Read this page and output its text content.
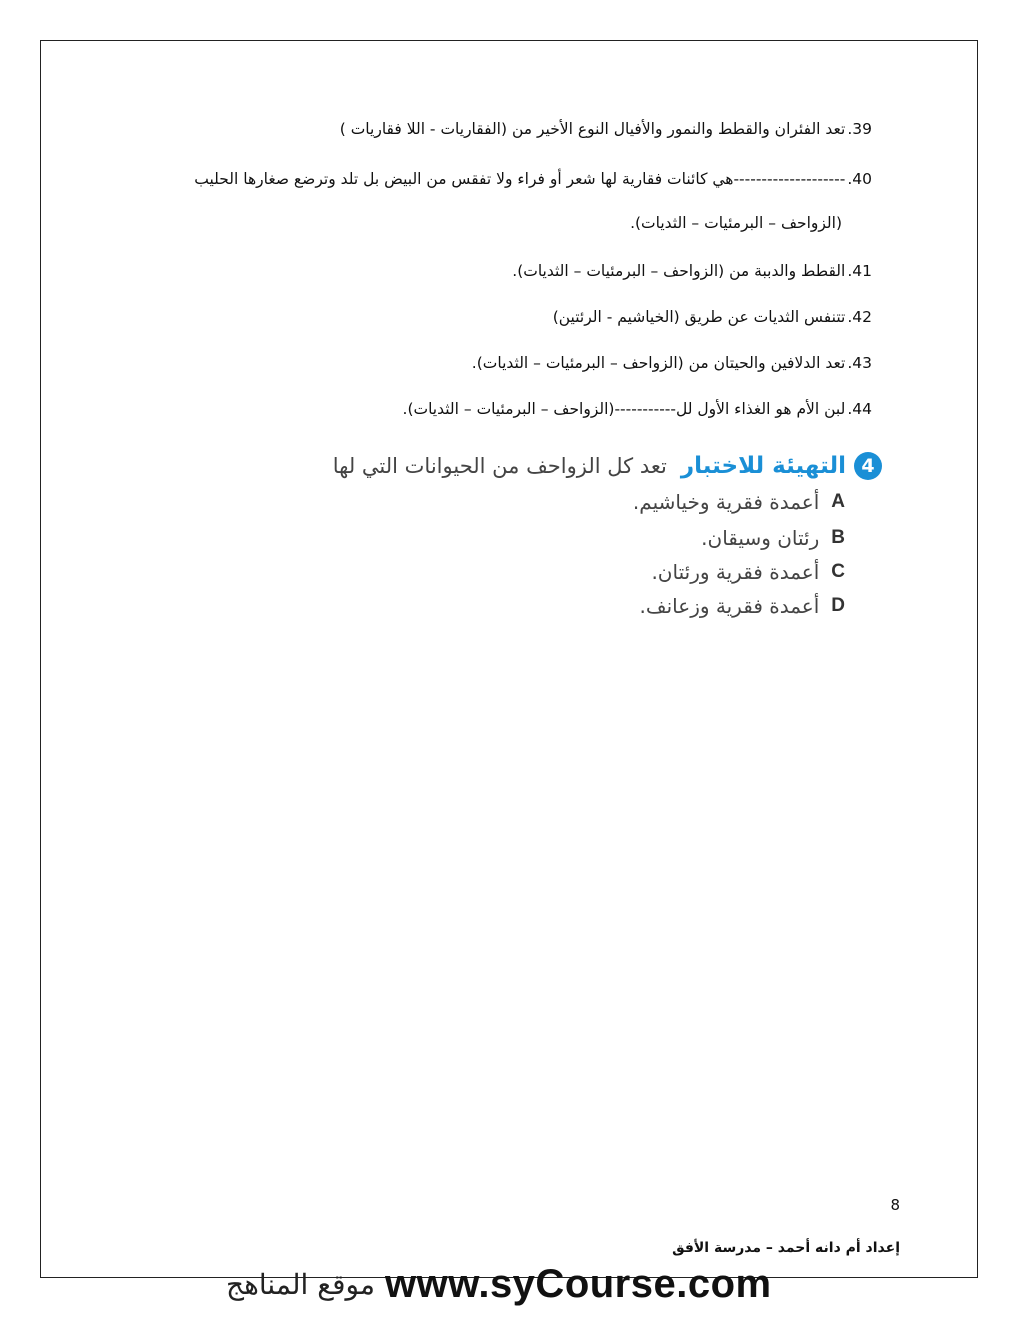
39.تعد الفئران والقطط والنمور والأفيال النوع الأخير من (الفقاريات - اللا فقاريات )
40.--------------------هي كائنات فقارية لها شعر أو فراء ولا تفقس من البيض بل تلد وترضع صغارها الحليب
(الزواحف – البرمئيات – الثديات).
41.القطط والدببة من (الزواحف – البرمئيات – الثديات).
42.تتنفس الثديات عن طريق (الخياشيم - الرئتين)
43.تعد الدلافين والحيتان من (الزواحف – البرمئيات – الثديات).
44.لبن الأم هو الغذاء الأول لل-----------(الزواحف – البرمئيات – الثديات).
4
التهيئة للاختبار
تعد كل الزواحف من الحيوانات التي لها
A
أعمدة فقرية وخياشيم.
B
رئتان وسيقان.
C
أعمدة فقرية ورئتان.
D
أعمدة فقرية وزعانف.
8
إعداد أم دانه أحمد – مدرسة الأفق
موقع المناهج www.syCourse.com
